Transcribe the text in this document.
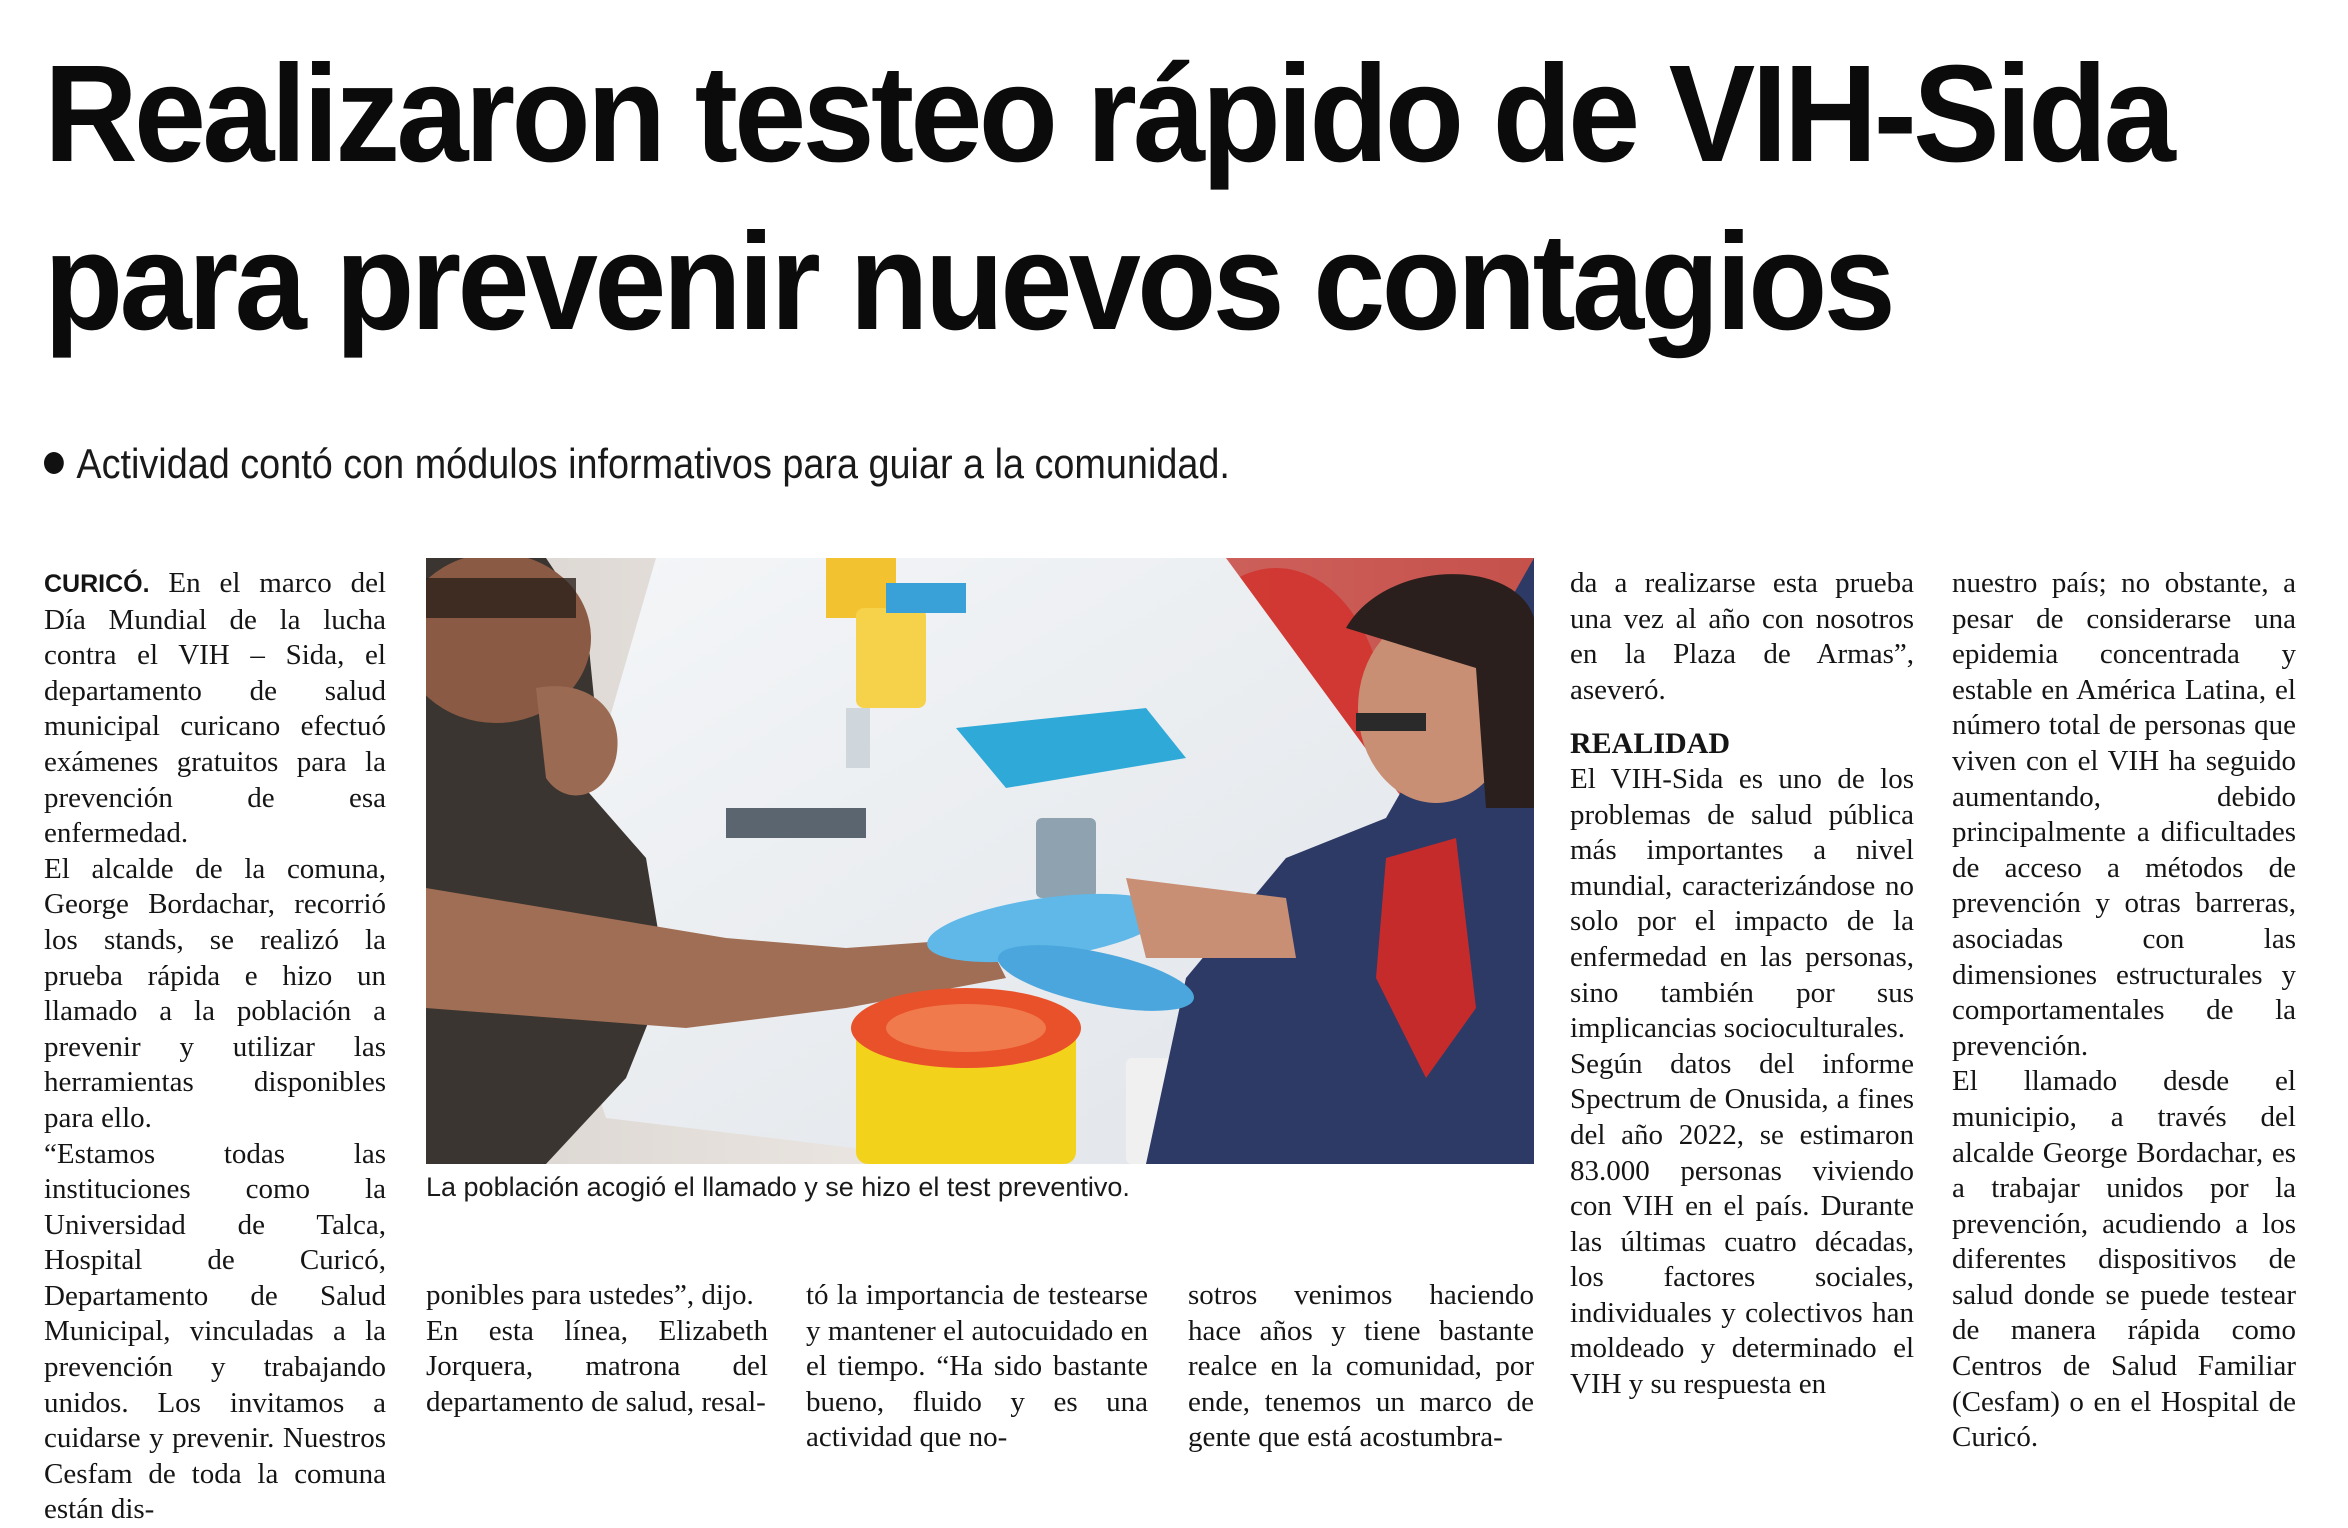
Realizaron testeo rápido de VIH-Sida
para prevenir nuevos contagios
Actividad contó con módulos informativos para guiar a la comunidad.

CURICÓ. En el marco del Día Mundial de la lucha contra el VIH – Sida, el departamento de salud municipal curicano efectuó exámenes gratuitos para la prevención de esa enfermedad.

El alcalde de la comuna, George Bordachar, recorrió los stands, se realizó la prueba rápida e hizo un llamado a la población a prevenir y utilizar las herramientas disponibles para ello.

“Estamos todas las instituciones como la Universidad de Talca, Hospital de Curicó, Departamento de Salud Municipal, vinculadas a la prevención y trabajando unidos. Los invitamos a cuidarse y prevenir. Nuestros Cesfam de toda la comuna están dis-

La población acogió el llamado y se hizo el test preventivo.

ponibles para ustedes”, dijo.

En esta línea, Elizabeth Jorquera, matrona del departamento de salud, resal-

tó la importancia de testearse y mantener el autocuidado en el tiempo. “Ha sido bastante bueno, fluido y es una actividad que no-

sotros venimos haciendo hace años y tiene bastante realce en la comunidad, por ende, tenemos un marco de gente que está acostumbra-

da a realizarse esta prueba una vez al año con nosotros en la Plaza de Armas”, aseveró.

REALIDAD

El VIH-Sida es uno de los problemas de salud pública más importantes a nivel mundial, caracterizándose no solo por el impacto de la enfermedad en las personas, sino también por sus implicancias socioculturales.

Según datos del informe Spectrum de Onusida, a fines del año 2022, se estimaron 83.000 personas viviendo con VIH en el país. Durante las últimas cuatro décadas, los factores sociales, individuales y colectivos han moldeado y determinado el VIH y su respuesta en

nuestro país; no obstante, a pesar de considerarse una epidemia concentrada y estable en América Latina, el número total de personas que viven con el VIH ha seguido aumentando, debido principalmente a dificultades de acceso a métodos de prevención y otras barreras, asociadas con las dimensiones estructurales y comportamentales de la prevención.

El llamado desde el municipio, a través del alcalde George Bordachar, es a trabajar unidos por la prevención, acudiendo a los diferentes dispositivos de salud donde se puede testear de manera rápida como Centros de Salud Familiar (Cesfam) o en el Hospital de Curicó.
